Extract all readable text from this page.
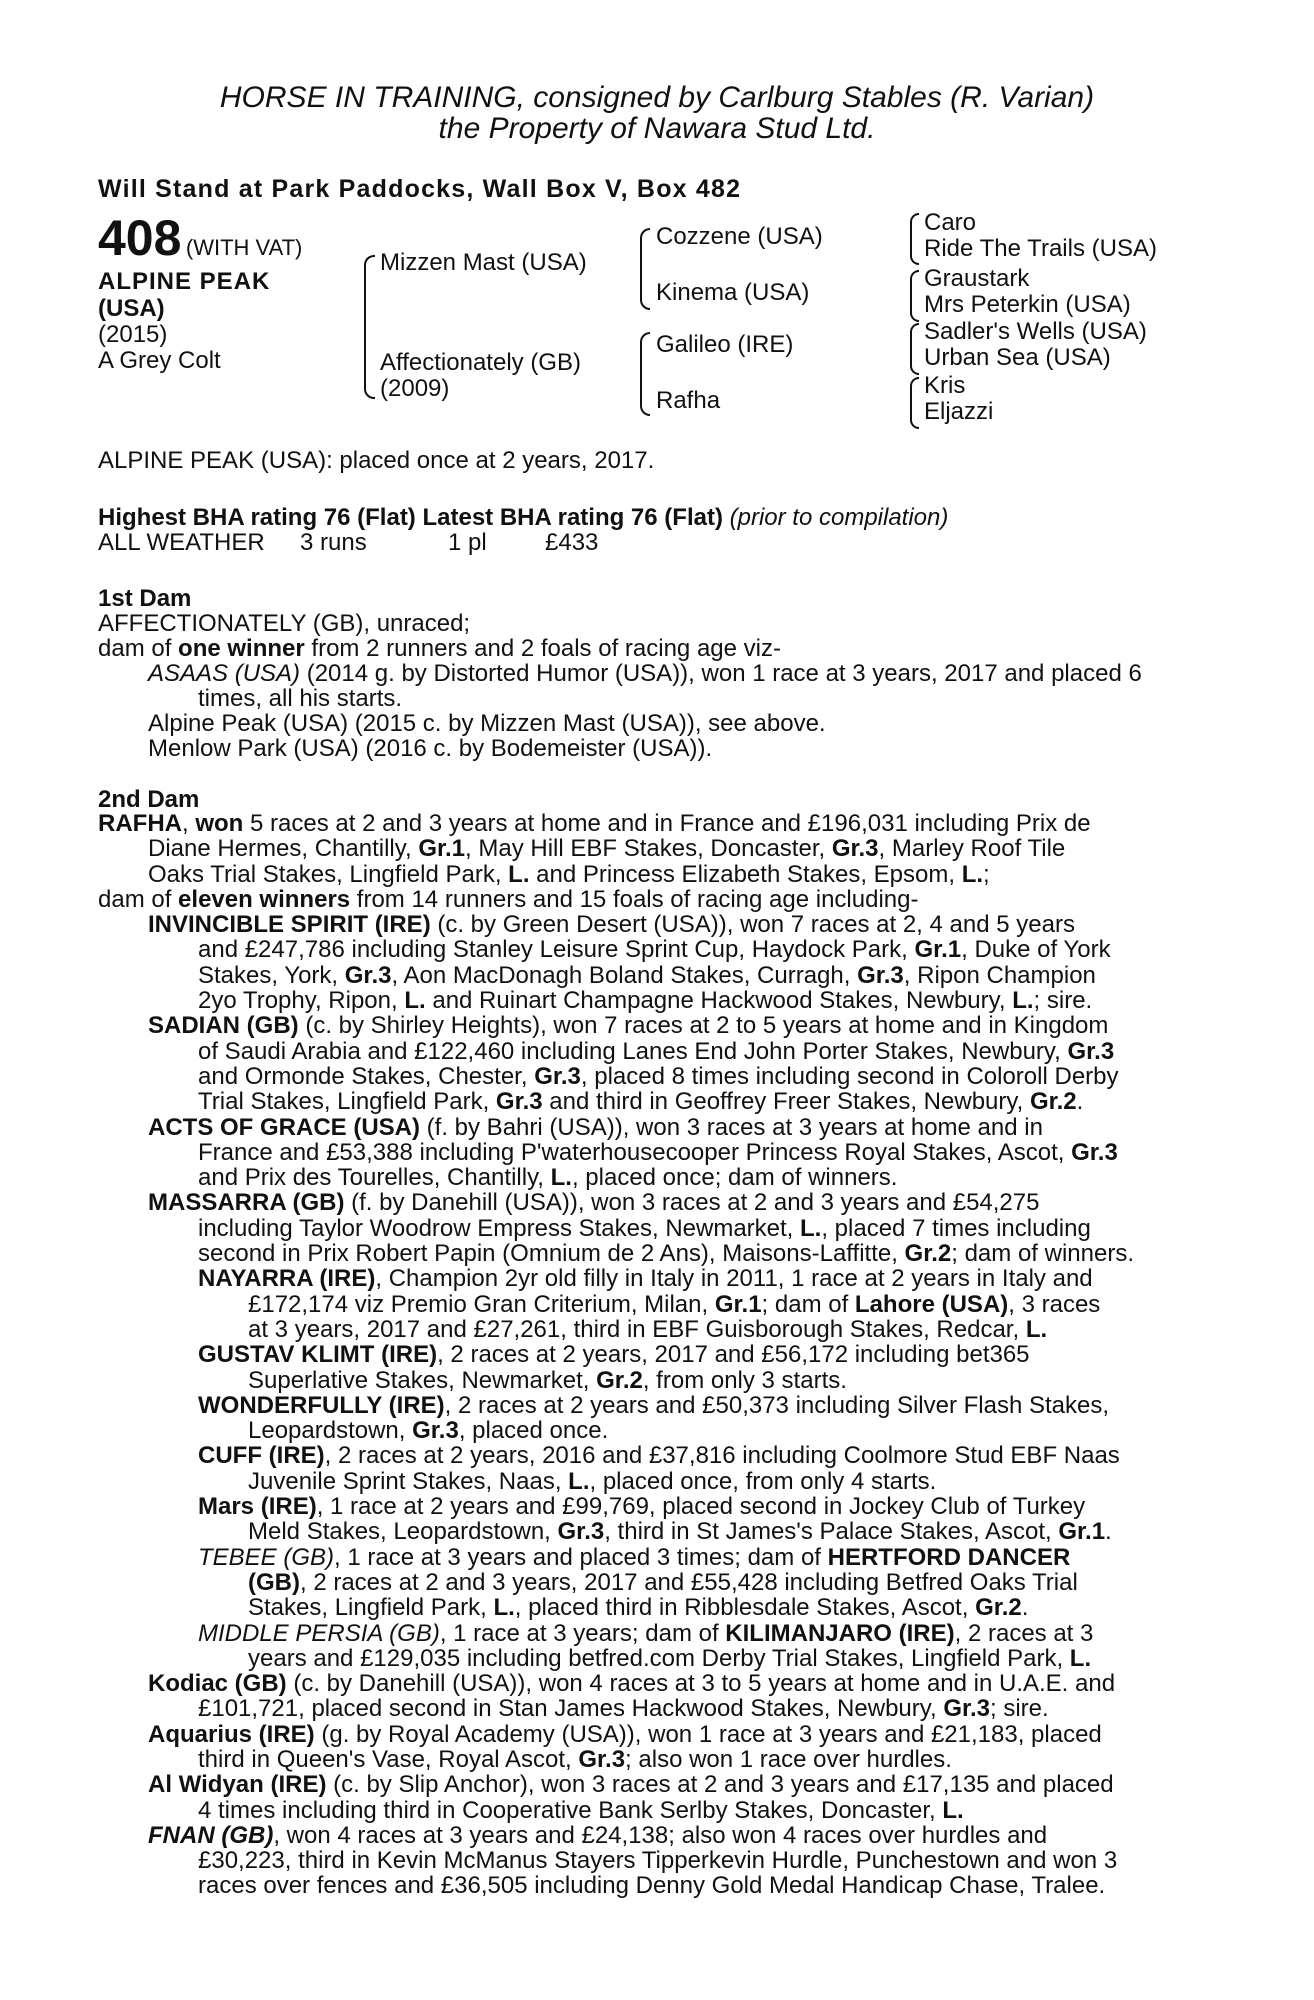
HORSE IN TRAINING, consigned by Carlburg Stables (R. Varian)
the Property of Nawara Stud Ltd.
Will Stand at Park Paddocks, Wall Box V, Box 482
408 (WITH VAT)
ALPINE PEAK
(USA)
(2015)
A Grey Colt
Mizzen Mast (USA)
Affectionately (GB)
(2009)
Cozzene (USA)
Kinema (USA)
Galileo (IRE)
Rafha
Caro
Ride The Trails (USA)
Graustark
Mrs Peterkin (USA)
Sadler's Wells (USA)
Urban Sea (USA)
Kris
Eljazzi
ALPINE PEAK (USA): placed once at 2 years, 2017.
Highest BHA rating 76 (Flat) Latest BHA rating 76 (Flat) (prior to compilation)
ALL WEATHER 3 runs	1 pl £433
1st Dam
AFFECTIONATELY (GB), unraced;
dam of one winner from 2 runners and 2 foals of racing age viz-
ASAAS (USA) (2014 g. by Distorted Humor (USA)), won 1 race at 3 years, 2017 and placed 6
times, all his starts.
Alpine Peak (USA) (2015 c. by Mizzen Mast (USA)), see above.
Menlow Park (USA) (2016 c. by Bodemeister (USA)).
2nd Dam
RAFHA, won 5 races at 2 and 3 years at home and in France and £196,031 including Prix de
Diane Hermes, Chantilly, Gr.1, May Hill EBF Stakes, Doncaster, Gr.3, Marley Roof Tile
Oaks Trial Stakes, Lingfield Park, L. and Princess Elizabeth Stakes, Epsom, L.;
dam of eleven winners from 14 runners and 15 foals of racing age including-
INVINCIBLE SPIRIT (IRE) (c. by Green Desert (USA)), won 7 races at 2, 4 and 5 years
and £247,786 including Stanley Leisure Sprint Cup, Haydock Park, Gr.1, Duke of York
Stakes, York, Gr.3, Aon MacDonagh Boland Stakes, Curragh, Gr.3, Ripon Champion
2yo Trophy, Ripon, L. and Ruinart Champagne Hackwood Stakes, Newbury, L.; sire.
SADIAN (GB) (c. by Shirley Heights), won 7 races at 2 to 5 years at home and in Kingdom
of Saudi Arabia and £122,460 including Lanes End John Porter Stakes, Newbury, Gr.3
and Ormonde Stakes, Chester, Gr.3, placed 8 times including second in Coloroll Derby
Trial Stakes, Lingfield Park, Gr.3 and third in Geoffrey Freer Stakes, Newbury, Gr.2.
ACTS OF GRACE (USA) (f. by Bahri (USA)), won 3 races at 3 years at home and in
France and £53,388 including P'waterhousecooper Princess Royal Stakes, Ascot, Gr.3
and Prix des Tourelles, Chantilly, L., placed once; dam of winners.
MASSARRA (GB) (f. by Danehill (USA)), won 3 races at 2 and 3 years and £54,275
including Taylor Woodrow Empress Stakes, Newmarket, L., placed 7 times including
second in Prix Robert Papin (Omnium de 2 Ans), Maisons-Laffitte, Gr.2; dam of winners.
NAYARRA (IRE), Champion 2yr old filly in Italy in 2011, 1 race at 2 years in Italy and
£172,174 viz Premio Gran Criterium, Milan, Gr.1; dam of Lahore (USA), 3 races
at 3 years, 2017 and £27,261, third in EBF Guisborough Stakes, Redcar, L.
GUSTAV KLIMT (IRE), 2 races at 2 years, 2017 and £56,172 including bet365
Superlative Stakes, Newmarket, Gr.2, from only 3 starts.
WONDERFULLY (IRE), 2 races at 2 years and £50,373 including Silver Flash Stakes,
Leopardstown, Gr.3, placed once.
CUFF (IRE), 2 races at 2 years, 2016 and £37,816 including Coolmore Stud EBF Naas
Juvenile Sprint Stakes, Naas, L., placed once, from only 4 starts.
Mars (IRE), 1 race at 2 years and £99,769, placed second in Jockey Club of Turkey
Meld Stakes, Leopardstown, Gr.3, third in St James's Palace Stakes, Ascot, Gr.1.
TEBEE (GB), 1 race at 3 years and placed 3 times; dam of HERTFORD DANCER
(GB), 2 races at 2 and 3 years, 2017 and £55,428 including Betfred Oaks Trial
Stakes, Lingfield Park, L., placed third in Ribblesdale Stakes, Ascot, Gr.2.
MIDDLE PERSIA (GB), 1 race at 3 years; dam of KILIMANJARO (IRE), 2 races at 3
years and £129,035 including betfred.com Derby Trial Stakes, Lingfield Park, L.
Kodiac (GB) (c. by Danehill (USA)), won 4 races at 3 to 5 years at home and in U.A.E. and
£101,721, placed second in Stan James Hackwood Stakes, Newbury, Gr.3; sire.
Aquarius (IRE) (g. by Royal Academy (USA)), won 1 race at 3 years and £21,183, placed
third in Queen's Vase, Royal Ascot, Gr.3; also won 1 race over hurdles.
Al Widyan (IRE) (c. by Slip Anchor), won 3 races at 2 and 3 years and £17,135 and placed
4 times including third in Cooperative Bank Serlby Stakes, Doncaster, L.
FNAN (GB), won 4 races at 3 years and £24,138; also won 4 races over hurdles and
£30,223, third in Kevin McManus Stayers Tipperkevin Hurdle, Punchestown and won 3
races over fences and £36,505 including Denny Gold Medal Handicap Chase, Tralee.
